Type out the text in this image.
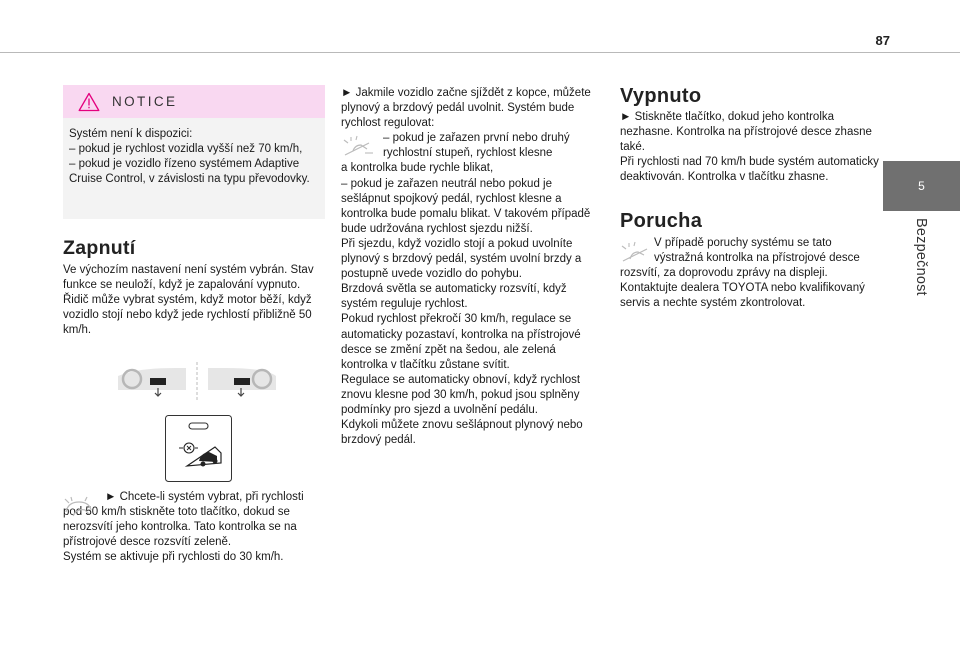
87
5
Bezpečnost
NOTICE

Systém není k dispozici:
– pokud je rychlost vozidla vyšší než 70 km/h,
– pokud je vozidlo řízeno systémem Adaptive Cruise Control, v závislosti na typu převodovky.

Zapnutí

Ve výchozím nastavení není systém vybrán. Stav funkce se neuloží, když je zapalování vypnuto.
Řidič může vybrat systém, když motor běží, když vozidlo stojí nebo když jede rychlostí přibližně 50 km/h.

► Chcete-li systém vybrat, při rychlosti pod 50 km/h stiskněte toto tlačítko, dokud se nerozsvítí jeho kontrolka. Tato kontrolka se na přístrojové desce rozsvítí zeleně.
Systém se aktivuje při rychlosti do 30 km/h.

► Jakmile vozidlo začne sjíždět z kopce, můžete plynový a brzdový pedál uvolnit. Systém bude rychlost regulovat:

– pokud je zařazen první nebo druhý rychlostní stupeň, rychlost klesne

a kontrolka bude rychle blikat,
– pokud je zařazen neutrál nebo pokud je sešlápnut spojkový pedál, rychlost klesne a kontrolka bude pomalu blikat. V takovém případě bude udržována rychlost sjezdu nižší.
Při sjezdu, když vozidlo stojí a pokud uvolníte plynový s brzdový pedál, systém uvolní brzdy a postupně uvede vozidlo do pohybu.
Brzdová světla se automaticky rozsvítí, když systém reguluje rychlost.
Pokud rychlost překročí 30 km/h, regulace se automaticky pozastaví, kontrolka na přístrojové desce se změní zpět na šedou, ale zelená kontrolka v tlačítku zůstane svítit.
Regulace se automaticky obnoví, když rychlost znovu klesne pod 30 km/h, pokud jsou splněny podmínky pro sjezd a uvolnění pedálu.
Kdykoli můžete znovu sešlápnout plynový nebo brzdový pedál.

Vypnuto

► Stiskněte tlačítko, dokud jeho kontrolka nezhasne. Kontrolka na přístrojové desce zhasne také.
Při rychlosti nad 70 km/h bude systém automaticky deaktivován. Kontrolka v tlačítku zhasne.

Porucha

V případě poruchy systému se tato výstražná kontrolka na přístrojové desce

rozsvítí, za doprovodu zprávy na displeji.
Kontaktujte dealera TOYOTA nebo kvalifikovaný servis a nechte systém zkontrolovat.
